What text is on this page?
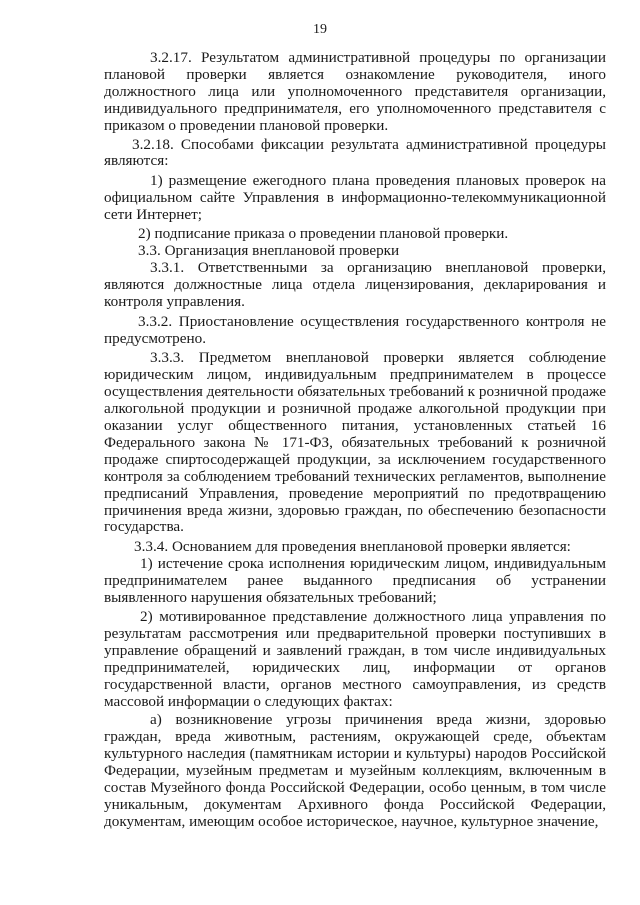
19

3.2.17. Результатом административной процедуры по организации плановой проверки является ознакомление руководителя, иного должностного лица или уполномоченного представителя организации, индивидуального предпринимателя, его уполномоченного представителя с приказом о проведении плановой проверки.

3.2.18. Способами фиксации результата административной процедуры являются:

1) размещение ежегодного плана проведения плановых проверок на официальном сайте Управления в информационно-телекоммуникационной сети Интернет;

2) подписание приказа о проведении плановой проверки.

3.3. Организация внеплановой проверки

3.3.1. Ответственными за организацию внеплановой проверки, являются должностные лица отдела лицензирования, декларирования и контроля управления.

3.3.2. Приостановление осуществления государственного контроля не предусмотрено.

3.3.3. Предметом внеплановой проверки является соблюдение юридическим лицом, индивидуальным предпринимателем в процессе осуществления деятельности обязательных требований к розничной продаже алкогольной продукции и розничной продаже алкогольной продукции при оказании услуг общественного питания, установленных статьей 16 Федерального закона № 171-ФЗ, обязательных требований к розничной продаже спиртосодержащей продукции, за исключением государственного контроля за соблюдением требований технических регламентов, выполнение предписаний Управления, проведение мероприятий по предотвращению причинения вреда жизни, здоровью граждан, по обеспечению безопасности государства.

3.3.4. Основанием для проведения внеплановой проверки является:

1) истечение срока исполнения юридическим лицом, индивидуальным предпринимателем ранее выданного предписания об устранении выявленного нарушения обязательных требований;

2) мотивированное представление должностного лица управления по результатам рассмотрения или предварительной проверки поступивших в управление обращений и заявлений граждан, в том числе индивидуальных предпринимателей, юридических лиц, информации от органов государственной власти, органов местного самоуправления, из средств массовой информации о следующих фактах:

а) возникновение угрозы причинения вреда жизни, здоровью граждан, вреда животным, растениям, окружающей среде, объектам культурного наследия (памятникам истории и культуры) народов Российской Федерации, музейным предметам и музейным коллекциям, включенным в состав Музейного фонда Российской Федерации, особо ценным, в том числе уникальным, документам Архивного фонда Российской Федерации, документам, имеющим особое историческое, научное, культурное значение,
